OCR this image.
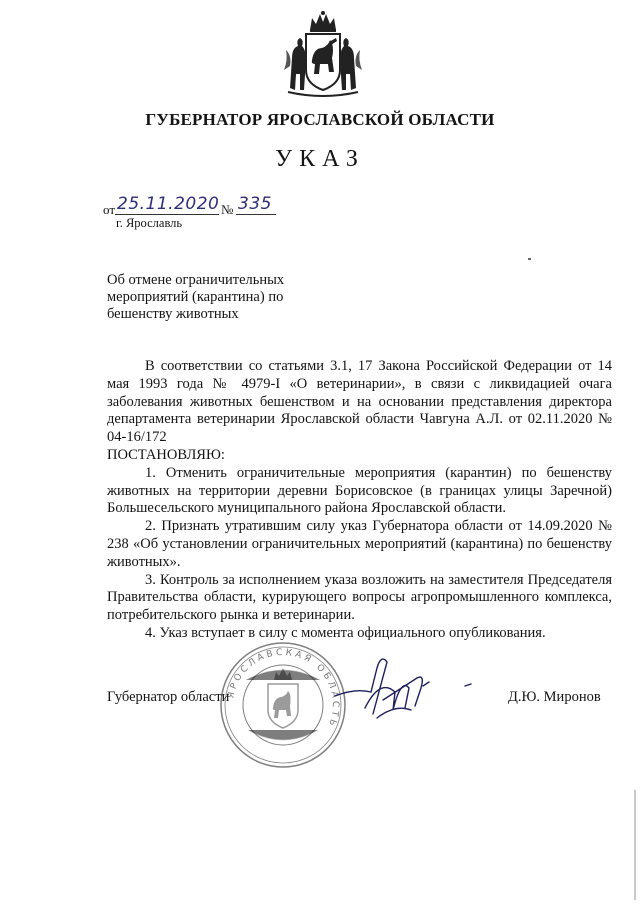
ГУБЕРНАТОР ЯРОСЛАВСКОЙ ОБЛАСТИ
УКАЗ
от 25.11.2020 № 335
г. Ярославль
Об отмене ограничительных мероприятий (карантина) по бешенству животных

В соответствии со статьями 3.1, 17 Закона Российской Федерации от 14 мая 1993 года № 4979-I «О ветеринарии», в связи с ликвидацией очага заболевания животных бешенством и на основании представления директора департамента ветеринарии Ярославской области Чавгуна А.Л. от 02.11.2020 № 04-16/172

ПОСТАНОВЛЯЮ:

1. Отменить ограничительные мероприятия (карантин) по бешенству животных на территории деревни Борисовское (в границах улицы Заречной) Большесельского муниципального района Ярославской области.

2. Признать утратившим силу указ Губернатора области от 14.09.2020 № 238 «Об установлении ограничительных мероприятий (карантина) по бешенству животных».

3. Контроль за исполнением указа возложить на заместителя Председателя Правительства области, курирующего вопросы агропромышленного комплекса, потребительского рынка и ветеринарии.

4. Указ вступает в силу с момента официального опубликования.

ЯРОСЛАВСКАЯ ОБЛАСТЬ
Губернатор области	Д.Ю. Миронов
